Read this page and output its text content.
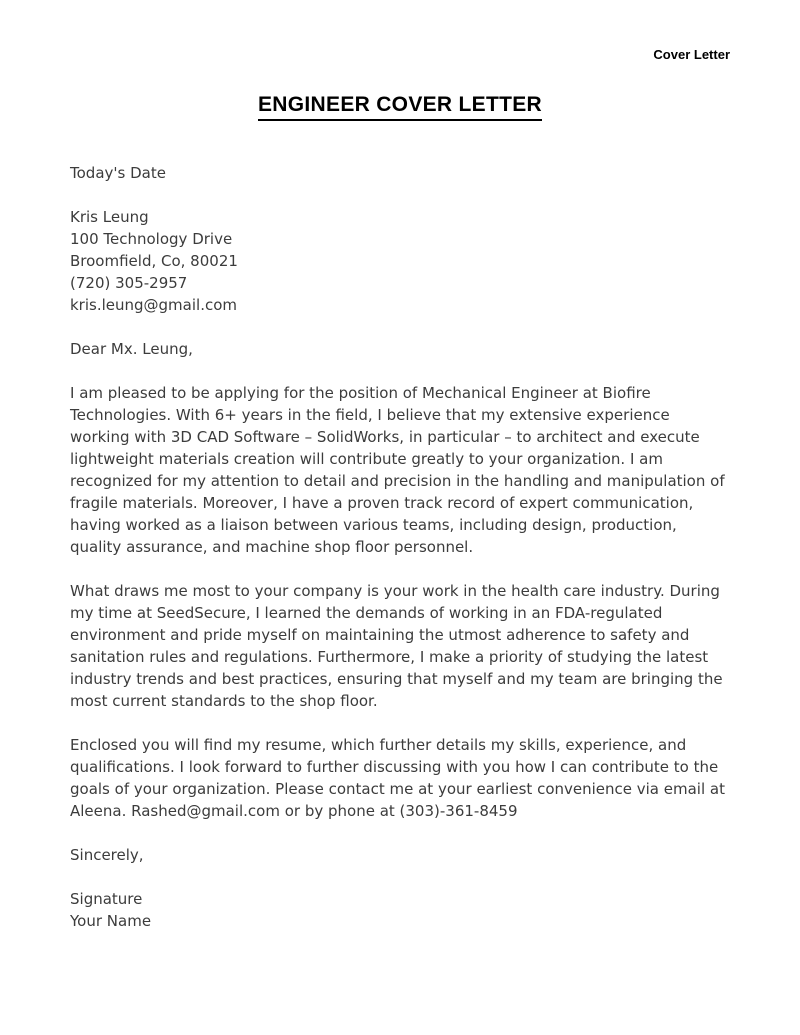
Cover Letter
ENGINEER COVER LETTER
Today's Date
Kris Leung
100 Technology Drive
Broomfield, Co, 80021
(720) 305-2957
kris.leung@gmail.com
Dear Mx. Leung,

I am pleased to be applying for the position of Mechanical Engineer at Biofire Technologies. With 6+ years in the field, I believe that my extensive experience working with 3D CAD Software – SolidWorks, in particular – to architect and execute lightweight materials creation will contribute greatly to your organization. I am recognized for my attention to detail and precision in the handling and manipulation of fragile materials. Moreover, I have a proven track record of expert communication, having worked as a liaison between various teams, including design, production, quality assurance, and machine shop floor personnel.

What draws me most to your company is your work in the health care industry. During my time at SeedSecure, I learned the demands of working in an FDA-regulated environment and pride myself on maintaining the utmost adherence to safety and sanitation rules and regulations. Furthermore, I make a priority of studying the latest industry trends and best practices, ensuring that myself and my team are bringing the most current standards to the shop floor.

Enclosed you will find my resume, which further details my skills, experience, and qualifications. I look forward to further discussing with you how I can contribute to the goals of your organization. Please contact me at your earliest convenience via email at Aleena. Rashed@gmail.com or by phone at (303)-361-8459

Sincerely,
Signature
Your Name
